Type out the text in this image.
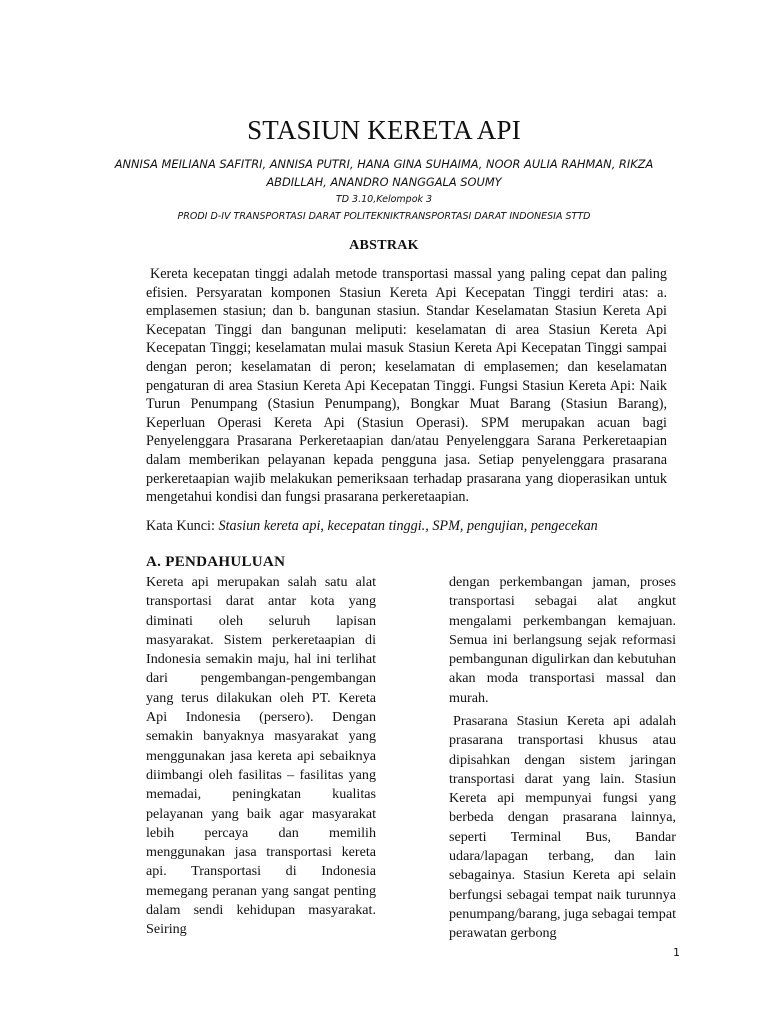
STASIUN KERETA API
ANNISA MEILIANA SAFITRI, ANNISA PUTRI, HANA GINA SUHAIMA, NOOR AULIA RAHMAN, RIKZA ABDILLAH, ANANDRO NANGGALA SOUMY
TD 3.10,Kelompok 3
PRODI D-IV TRANSPORTASI DARAT POLITEKNIKTRANSPORTASI DARAT INDONESIA STTD
ABSTRAK

Kereta kecepatan tinggi adalah metode transportasi massal yang paling cepat dan paling efisien. Persyaratan komponen Stasiun Kereta Api Kecepatan Tinggi terdiri atas: a. emplasemen stasiun; dan b. bangunan stasiun. Standar Keselamatan Stasiun Kereta Api Kecepatan Tinggi dan bangunan meliputi: keselamatan di area Stasiun Kereta Api Kecepatan Tinggi; keselamatan mulai masuk Stasiun Kereta Api Kecepatan Tinggi sampai dengan peron; keselamatan di peron; keselamatan di emplasemen; dan keselamatan pengaturan di area Stasiun Kereta Api Kecepatan Tinggi. Fungsi Stasiun Kereta Api: Naik Turun Penumpang (Stasiun Penumpang), Bongkar Muat Barang (Stasiun Barang), Keperluan Operasi Kereta Api (Stasiun Operasi). SPM merupakan acuan bagi Penyelenggara Prasarana Perkeretaapian dan/atau Penyelenggara Sarana Perkeretaapian dalam memberikan pelayanan kepada pengguna jasa. Setiap penyelenggara prasarana perkeretaapian wajib melakukan pemeriksaan terhadap prasarana yang dioperasikan untuk mengetahui kondisi dan fungsi prasarana perkeretaapian.

Kata Kunci: Stasiun kereta api, kecepatan tinggi., SPM, pengujian, pengecekan
A. PENDAHULUAN

Kereta api merupakan salah satu alat transportasi darat antar kota yang diminati oleh seluruh lapisan masyarakat. Sistem perkeretaapian di Indonesia semakin maju, hal ini terlihat dari pengembangan-pengembangan yang terus dilakukan oleh PT. Kereta Api Indonesia (persero). Dengan semakin banyaknya masyarakat yang menggunakan jasa kereta api sebaiknya diimbangi oleh fasilitas – fasilitas yang memadai, peningkatan kualitas pelayanan yang baik agar masyarakat lebih percaya dan memilih menggunakan jasa transportasi kereta api. Transportasi di Indonesia memegang peranan yang sangat penting dalam sendi kehidupan masyarakat. Seiring

dengan perkembangan jaman, proses transportasi sebagai alat angkut mengalami perkembangan kemajuan. Semua ini berlangsung sejak reformasi pembangunan digulirkan dan kebutuhan akan moda transportasi massal dan murah.

Prasarana Stasiun Kereta api adalah prasarana transportasi khusus atau dipisahkan dengan sistem jaringan transportasi darat yang lain. Stasiun Kereta api mempunyai fungsi yang berbeda dengan prasarana lainnya, seperti Terminal Bus, Bandar udara/lapagan terbang, dan lain sebagainya. Stasiun Kereta api selain berfungsi sebagai tempat naik turunnya penumpang/barang, juga sebagai tempat perawatan gerbong

1
